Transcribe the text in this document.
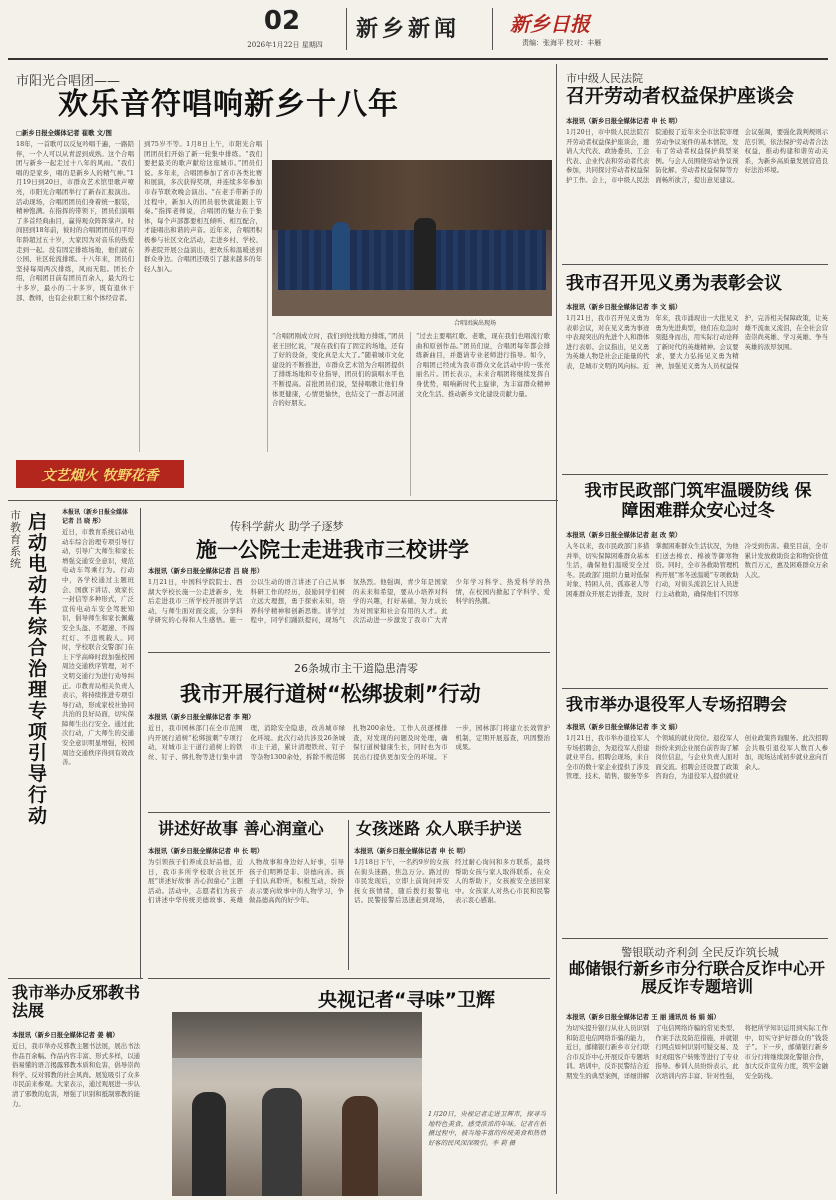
02
2026年1月22日 星期四
新乡新闻	新乡日报
责编：张海平 校对：丰雁
市阳光合唱团——
欢乐音符唱响新乡十八年
□新乡日报全媒体记者 崔歌 文/图
18年，一首歌可以反复吟唱千遍，一路陪伴，一个人可以从青涩到成熟。这个合唱团与新乡一起走过十八年的风雨。“我们唱的是家乡，唱的是新乡人的精气神。”1月19日到20日，市群众艺术馆里歌声嘹亮，市阳光合唱团举行了新春汇报演出。活动现场，合唱团团员们身着统一服装，精神饱满。在指挥的带领下，团员们演唱了多首经典曲目，赢得观众阵阵掌声。时间回到18年前，彼时的合唱团团员们平均年龄超过五十岁，大家因为对音乐的热爱走到一起。没有固定排练场地，他们就在公园、社区轮流排练。十八年来，团员们坚持每周两次排练，风雨无阻。团长介绍，合唱团目前有团员百余人，最大的七十多岁，最小的二十多岁，既有退休干部、教师，也有企业职工和个体经营者。
到75岁不等。1月8日上午，市阳光合唱团团员们开始了新一轮集中排练。“我们要把最美的歌声献给这座城市。”团员们说。多年来，合唱团参加了省市各类比赛和展演，多次获得奖项，并连续多年参加市春节联欢晚会演出。“在老手带新手的过程中，新加入的团员很快就能跟上节奏。”指挥老师说，合唱团的魅力在于集体，每个声部都要相互倾听、相互配合，才能唱出和谐的声音。近年来，合唱团积极参与社区文化活动，走进乡村、学校、养老院开展公益演出，把欢乐和温暖送到群众身边。合唱团还吸引了越来越多的年轻人加入。
合唱团演出现场
“合唱团刚成立时，我们到处找地方排练，”团员老王回忆说，“现在我们有了固定的场地，还有了好的设备，变化真是太大了。”随着城市文化建设的不断推进，市群众艺术馆为合唱团提供了排练场地和专业指导，团员们的演唱水平也不断提高。首批团员们说，坚持唱歌让他们身体更健康，心情更愉快，也结交了一群志同道合的好朋友。
“过去主要唱红歌、老歌，现在我们也唱流行歌曲和原创作品。”团员们说，合唱团每年都会排练新曲目，并邀请专业老师进行指导。如今，合唱团已经成为我市群众文化活动中的一张亮丽名片。团长表示，未来合唱团将继续发挥自身优势，唱响新时代主旋律，为丰富群众精神文化生活、推动新乡文化建设贡献力量。
文艺烟火 牧野花香
市教育系统
启动电动车综合治理专项引导行动
本报讯（新乡日报全媒体记者 吕 晓 彤）
近日，市教育系统启动电动车综合治理专项引导行动，引导广大师生和家长增强交通安全意识，规范电动车驾乘行为。行动中，各学校通过主题班会、国旗下讲话、致家长一封信等多种形式，广泛宣传电动车安全驾驶知识，倡导师生和家长佩戴安全头盔、不超速、不闯红灯、不违规载人。同时，学校联合交警部门在上下学高峰时段加强校园周边交通秩序管理，对不文明交通行为进行劝导纠正。市教育局相关负责人表示，将持续推进专项引导行动，形成家校社协同共治的良好局面，切实保障师生出行安全。通过此次行动，广大师生的交通安全意识明显增强，校园周边交通秩序得到有效改善。
传科学薪火 助学子逐梦
施一公院士走进我市三校讲学
本报讯（新乡日报全媒体记者 吕 晓 彤）
1月21日，中国科学院院士、西湖大学校长施一公走进新乡，先后走进我市三所学校开展讲学活动，与师生面对面交流，分享科学研究的心得和人生感悟。施一公以生动的语言讲述了自己从事科研工作的经历，鼓励同学们树立远大理想，勇于探索未知，培养科学精神和创新思维。讲学过程中，同学们踊跃提问，现场气氛热烈。他强调，青少年是国家的未来和希望，要从小培养对科学的兴趣，打好基础，努力成长为对国家和社会有用的人才。此次活动进一步激发了我市广大青少年学习科学、热爱科学的热情，在校园内掀起了学科学、爱科学的热潮。
26条城市主干道隐患清零
我市开展行道树“松绑拔刺”行动
本报讯（新乡日报全媒体记者 李 翔）
近日，我市园林部门在全市范围内开展行道树“松绑拔刺”专项行动，对城市主干道行道树上的铁丝、钉子、绑扎物等进行集中清理，消除安全隐患，改善城市绿化环境。此次行动共涉及26条城市主干道，累计清理铁丝、钉子等杂物1300余处，拆除不规范绑扎物200余处。工作人员逐棵排查，对发现的问题及时处理，确保行道树健康生长，同时也为市民出行提供更加安全的环境。下一步，园林部门将建立长效管护机制，定期开展巡查，巩固整治成果。
讲述好故事 善心润童心
本报讯（新乡日报全媒体记者 申 长 明）
为引领孩子们养成良好品德，近日，我市多所学校联合社区开展“讲述好故事 善心润童心”主题活动。活动中，志愿者们为孩子们讲述中华传统美德故事、英雄人物故事和身边好人好事，引导孩子们明辨是非、崇德向善。孩子们认真聆听，积极互动，纷纷表示要向故事中的人物学习，争做品德高尚的好少年。
女孩迷路 众人联手护送
本报讯（新乡日报全媒体记者 申 长 明）
1月18日下午，一名约9岁的女孩在街头迷路，焦急万分。路过的市民发现后，立即上前询问并安抚女孩情绪，随后拨打报警电话。民警接警后迅速赶到现场，经过耐心询问和多方联系，最终帮助女孩与家人取得联系。在众人的帮助下，女孩被安全送回家中。女孩家人对热心市民和民警表示衷心感谢。
我市举办反邪教书法展
本报讯（新乡日报全媒体记者 姜 楠）
近日，我市举办反邪教主题书法展，展出书法作品百余幅。作品内容丰富、形式多样，以通俗易懂的语言揭露邪教本质和危害，倡导崇尚科学、反对邪教的社会风尚。展览吸引了众多市民前来参观。大家表示，通过观展进一步认清了邪教的危害，增强了识别和抵制邪教的能力。
央视记者“寻味”卫辉
1月20日，央视记者走进卫辉市，探寻当地特色美食，感受浓浓的年味。记者在拍摄过程中，被当地丰富的传统美食和热情好客的民风深深吸引。李 莉 摄
市中级人民法院
召开劳动者权益保护座谈会
本报讯（新乡日报全媒体记者 申 长 明）
1月20日，市中级人民法院召开劳动者权益保护座谈会，邀请人大代表、政协委员、工会代表、企业代表和劳动者代表参加，共同探讨劳动者权益保护工作。会上，市中级人民法院通报了近年来全市法院审理劳动争议案件的基本情况，发布了劳动者权益保护典型案例。与会人员围绕劳动争议预防化解、劳动者权益保障等方面畅所欲言，提出意见建议。会议强调，要强化裁判规则示范引领，依法保护劳动者合法权益，推动构建和谐劳动关系，为新乡高质量发展营造良好法治环境。
我市召开见义勇为表彰会议
本报讯（新乡日报全媒体记者 李 文 娟）
1月21日，我市召开见义勇为表彰会议，对在见义勇为事迹中表现突出的先进个人和群体进行表彰。会议指出，见义勇为英雄人物是社会正能量的代表，是城市文明的风向标。近年来，我市涌现出一大批见义勇为先进典型，他们在危急时刻挺身而出，用实际行动诠释了新时代的英雄精神。会议要求，要大力弘扬见义勇为精神，加强见义勇为人员权益保护，完善相关保障政策，让英雄不流血又流泪，在全社会营造崇尚英雄、学习英雄、争当英雄的浓厚氛围。
我市民政部门筑牢温暖防线 保障困难群众安心过冬
本报讯（新乡日报全媒体记者 赵 改 荣）
入冬以来，我市民政部门多措并举，切实保障困难群众基本生活，确保他们温暖安全过冬。民政部门组织力量对低保对象、特困人员、孤寡老人等困难群众开展走访排查，及时掌握困难群众生活状况，为他们送去棉衣、棉被等御寒物资。同时，全市各救助管理机构开展“寒冬送温暖”专项救助行动，对街头流浪乞讨人员进行主动救助，确保他们不因寒冷受到伤害。截至目前，全市累计发放救助资金和物资价值数百万元，惠及困难群众万余人次。
我市举办退役军人专场招聘会
本报讯（新乡日报全媒体记者 李 文 娟）
1月21日，我市举办退役军人专场招聘会，为退役军人搭建就业平台。招聘会现场，来自全市的数十家企业提供了涉及管理、技术、销售、服务等多个领域的就业岗位。退役军人纷纷来到企业展台前咨询了解岗位信息，与企业负责人面对面交流。招聘会还设置了政策咨询台，为退役军人提供就业创业政策咨询服务。此次招聘会共吸引退役军人数百人参加，现场达成初步就业意向百余人。
警银联动齐利剑 全民反诈筑长城
邮储银行新乡市分行联合反诈中心开展反诈专题培训
本报讯（新乡日报全媒体记者 王 丽 通讯员 杨 娟 娟）
为切实提升银行从业人员识别和防范电信网络诈骗的能力，近日，邮储银行新乡市分行联合市反诈中心开展反诈专题培训。培训中，反诈民警结合近期发生的典型案例，详细讲解了电信网络诈骗的常见类型、作案手法及防范措施，并就银行网点如何识别可疑交易、及时劝阻客户转账等进行了专业指导。参训人员纷纷表示，此次培训内容丰富、针对性强，将把所学知识运用到实际工作中，切实守护好群众的“钱袋子”。下一步，邮储银行新乡市分行将继续深化警银合作，加大反诈宣传力度，筑牢金融安全防线。
